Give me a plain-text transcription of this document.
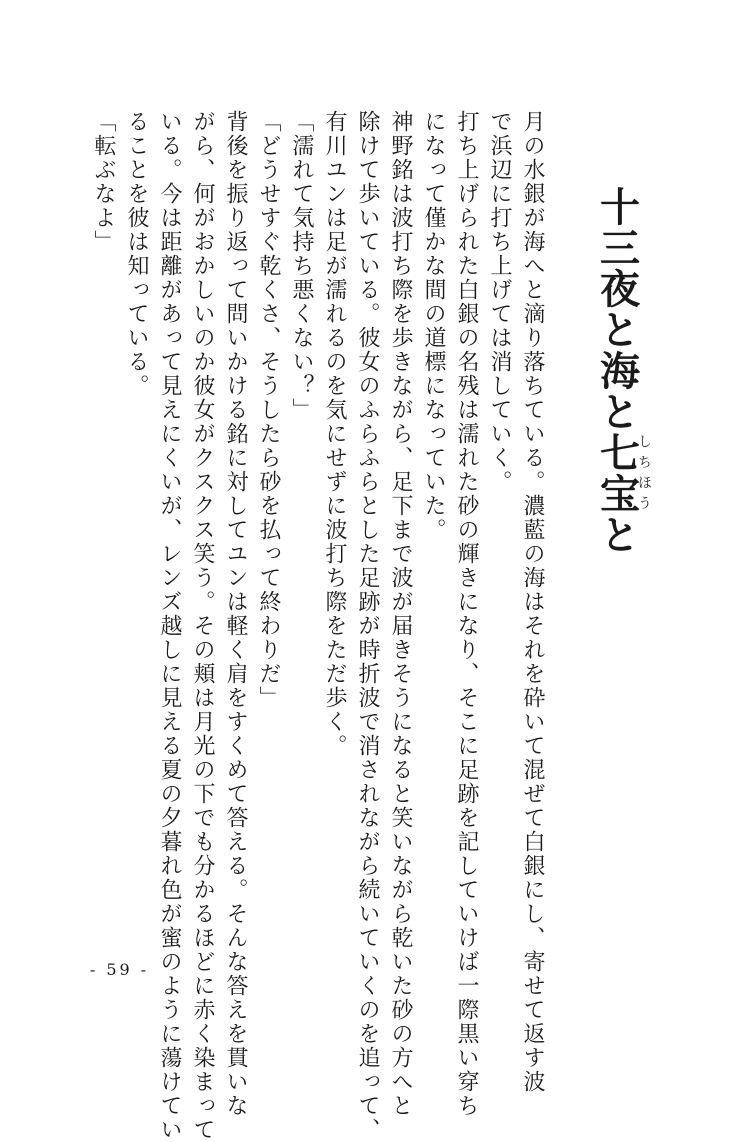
十三夜と海と七宝しちほうと

月の水銀が海へと滴り落ちている。濃藍の海はそれを砕いて混ぜて白銀にし、寄せて返す波

で浜辺に打ち上げては消していく。

打ち上げられた白銀の名残は濡れた砂の輝きになり、そこに足跡を記していけば一際黒い穿ち

になって僅かな間の道標になっていた。

神野銘は波打ち際を歩きながら、足下まで波が届きそうになると笑いながら乾いた砂の方へと

除けて歩いている。彼女のふらふらとした足跡が時折波で消されながら続いていくのを追って、

有川ユンは足が濡れるのを気にせずに波打ち際をただ歩く。

「濡れて気持ち悪くない？」

「どうせすぐ乾くさ、そうしたら砂を払って終わりだ」

背後を振り返って問いかける銘に対してユンは軽く肩をすくめて答える。そんな答えを貫いな

がら、何がおかしいのか彼女がクスクス笑う。その頬は月光の下でも分かるほどに赤く染まって

いる。今は距離があって見えにくいが、レンズ越しに見える夏の夕暮れ色が蜜のように蕩けてい

ることを彼は知っている。

「転ぶなよ」

- 59 -
